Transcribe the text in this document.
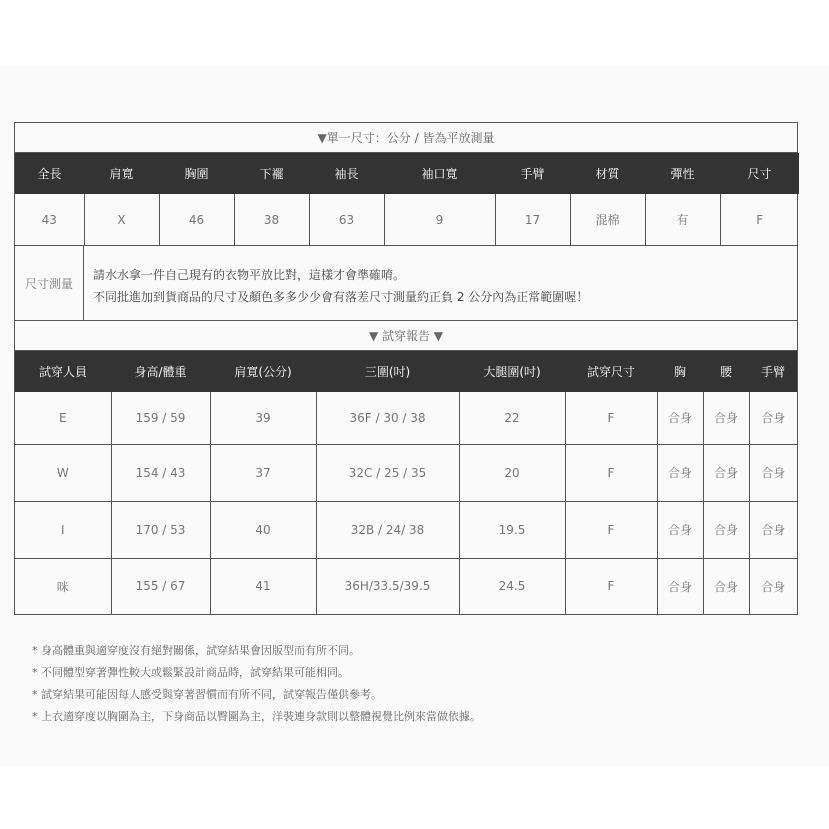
▼單一尺寸：公分 / 皆為平放測量
全長	肩寬	胸圍	下襬	袖長	袖口寬	手臂	材質	彈性	尺寸
43	X	46	38	63	9	17	混棉	有	F
尺寸測量
請水水拿一件自己現有的衣物平放比對，這樣才會準確唷。
不同批進加到貨商品的尺寸及顏色多多少少會有落差尺寸測量約正負 2 公分內為正常範圍喔！
▼ 試穿報告 ▼
試穿人員	身高/體重	肩寬(公分)	三圍(吋)	大腿圍(吋)	試穿尺寸	胸	腰	手臂
E	159 / 59	39	36F / 30 / 38	22	F	合身	合身	合身
W	154 / 43	37	32C / 25 / 35	20	F	合身	合身	合身
I	170 / 53	40	32B / 24/ 38	19.5	F	合身	合身	合身
咪	155 / 67	41	36H/33.5/39.5	24.5	F	合身	合身	合身
* 身高體重與適穿度沒有絕對關係，試穿結果會因版型而有所不同。
* 不同體型穿著彈性較大或鬆緊設計商品時，試穿結果可能相同。
* 試穿結果可能因每人感受與穿著習慣而有所不同，試穿報告僅供參考。
* 上衣適穿度以胸圍為主，下身商品以臀圍為主，洋裝連身款則以整體視覺比例來當做依據。
